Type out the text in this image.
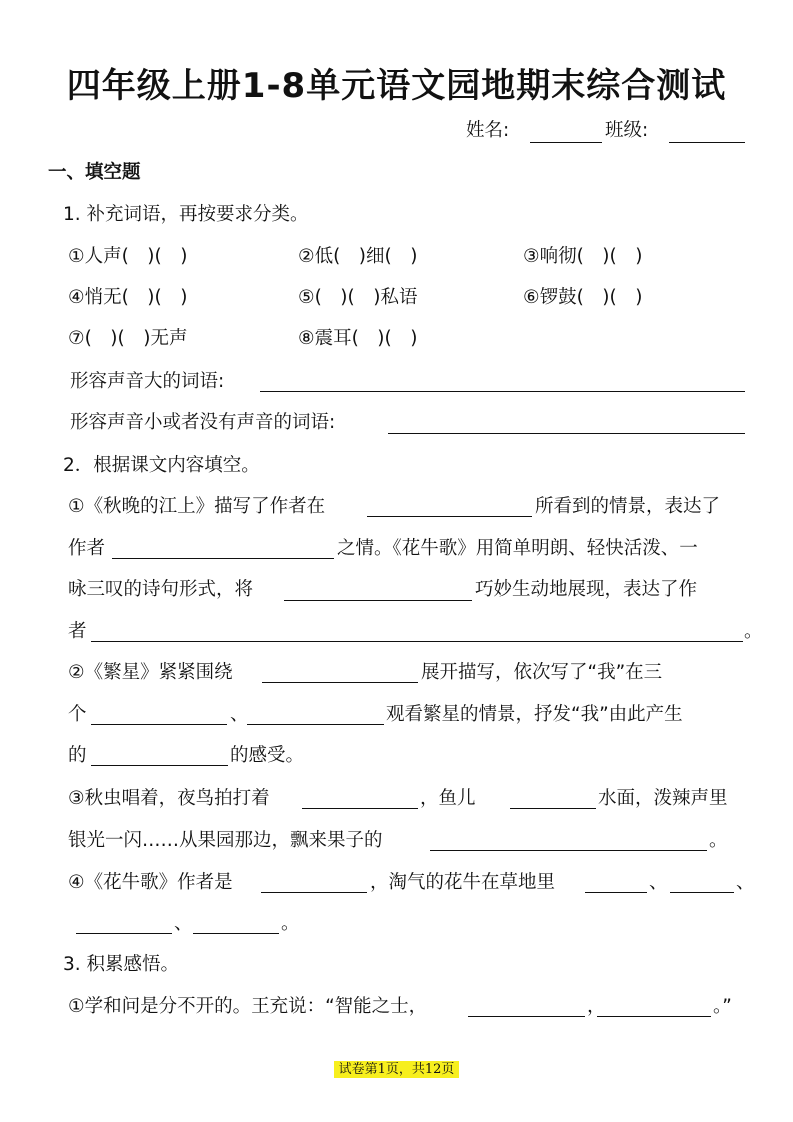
四年级上册1-8单元语文园地期末综合测试
姓名:	班级:
一、填空题
1. 补充词语，再按要求分类。
①人声(　)(　)	②低(　)细(　)	③响彻(　)(　)
④悄无(　)(　)	⑤(　)(　)私语	⑥锣鼓(　)(　)
⑦(　)(　)无声	⑧震耳(　)(　)
形容声音大的词语:
形容声音小或者没有声音的词语:
2．根据课文内容填空。
①《秋晚的江上》描写了作者在	所看到的情景，表达了
作者	之情。《花牛歌》用简单明朗、轻快活泼、一
咏三叹的诗句形式，将	巧妙生动地展现，表达了作
者	。
②《繁星》紧紧围绕	展开描写，依次写了“我”在三
个	、	观看繁星的情景，抒发“我”由此产生
的	的感受。
③秋虫唱着，夜鸟拍打着	，鱼儿	水面，泼辣声里
银光一闪……从果园那边，飘来果子的	。
④《花牛歌》作者是	，淘气的花牛在草地里	、	、
、	。
3. 积累感悟。
①学和问是分不开的。王充说：“智能之士，	，	。”
试卷第1页，共12页
